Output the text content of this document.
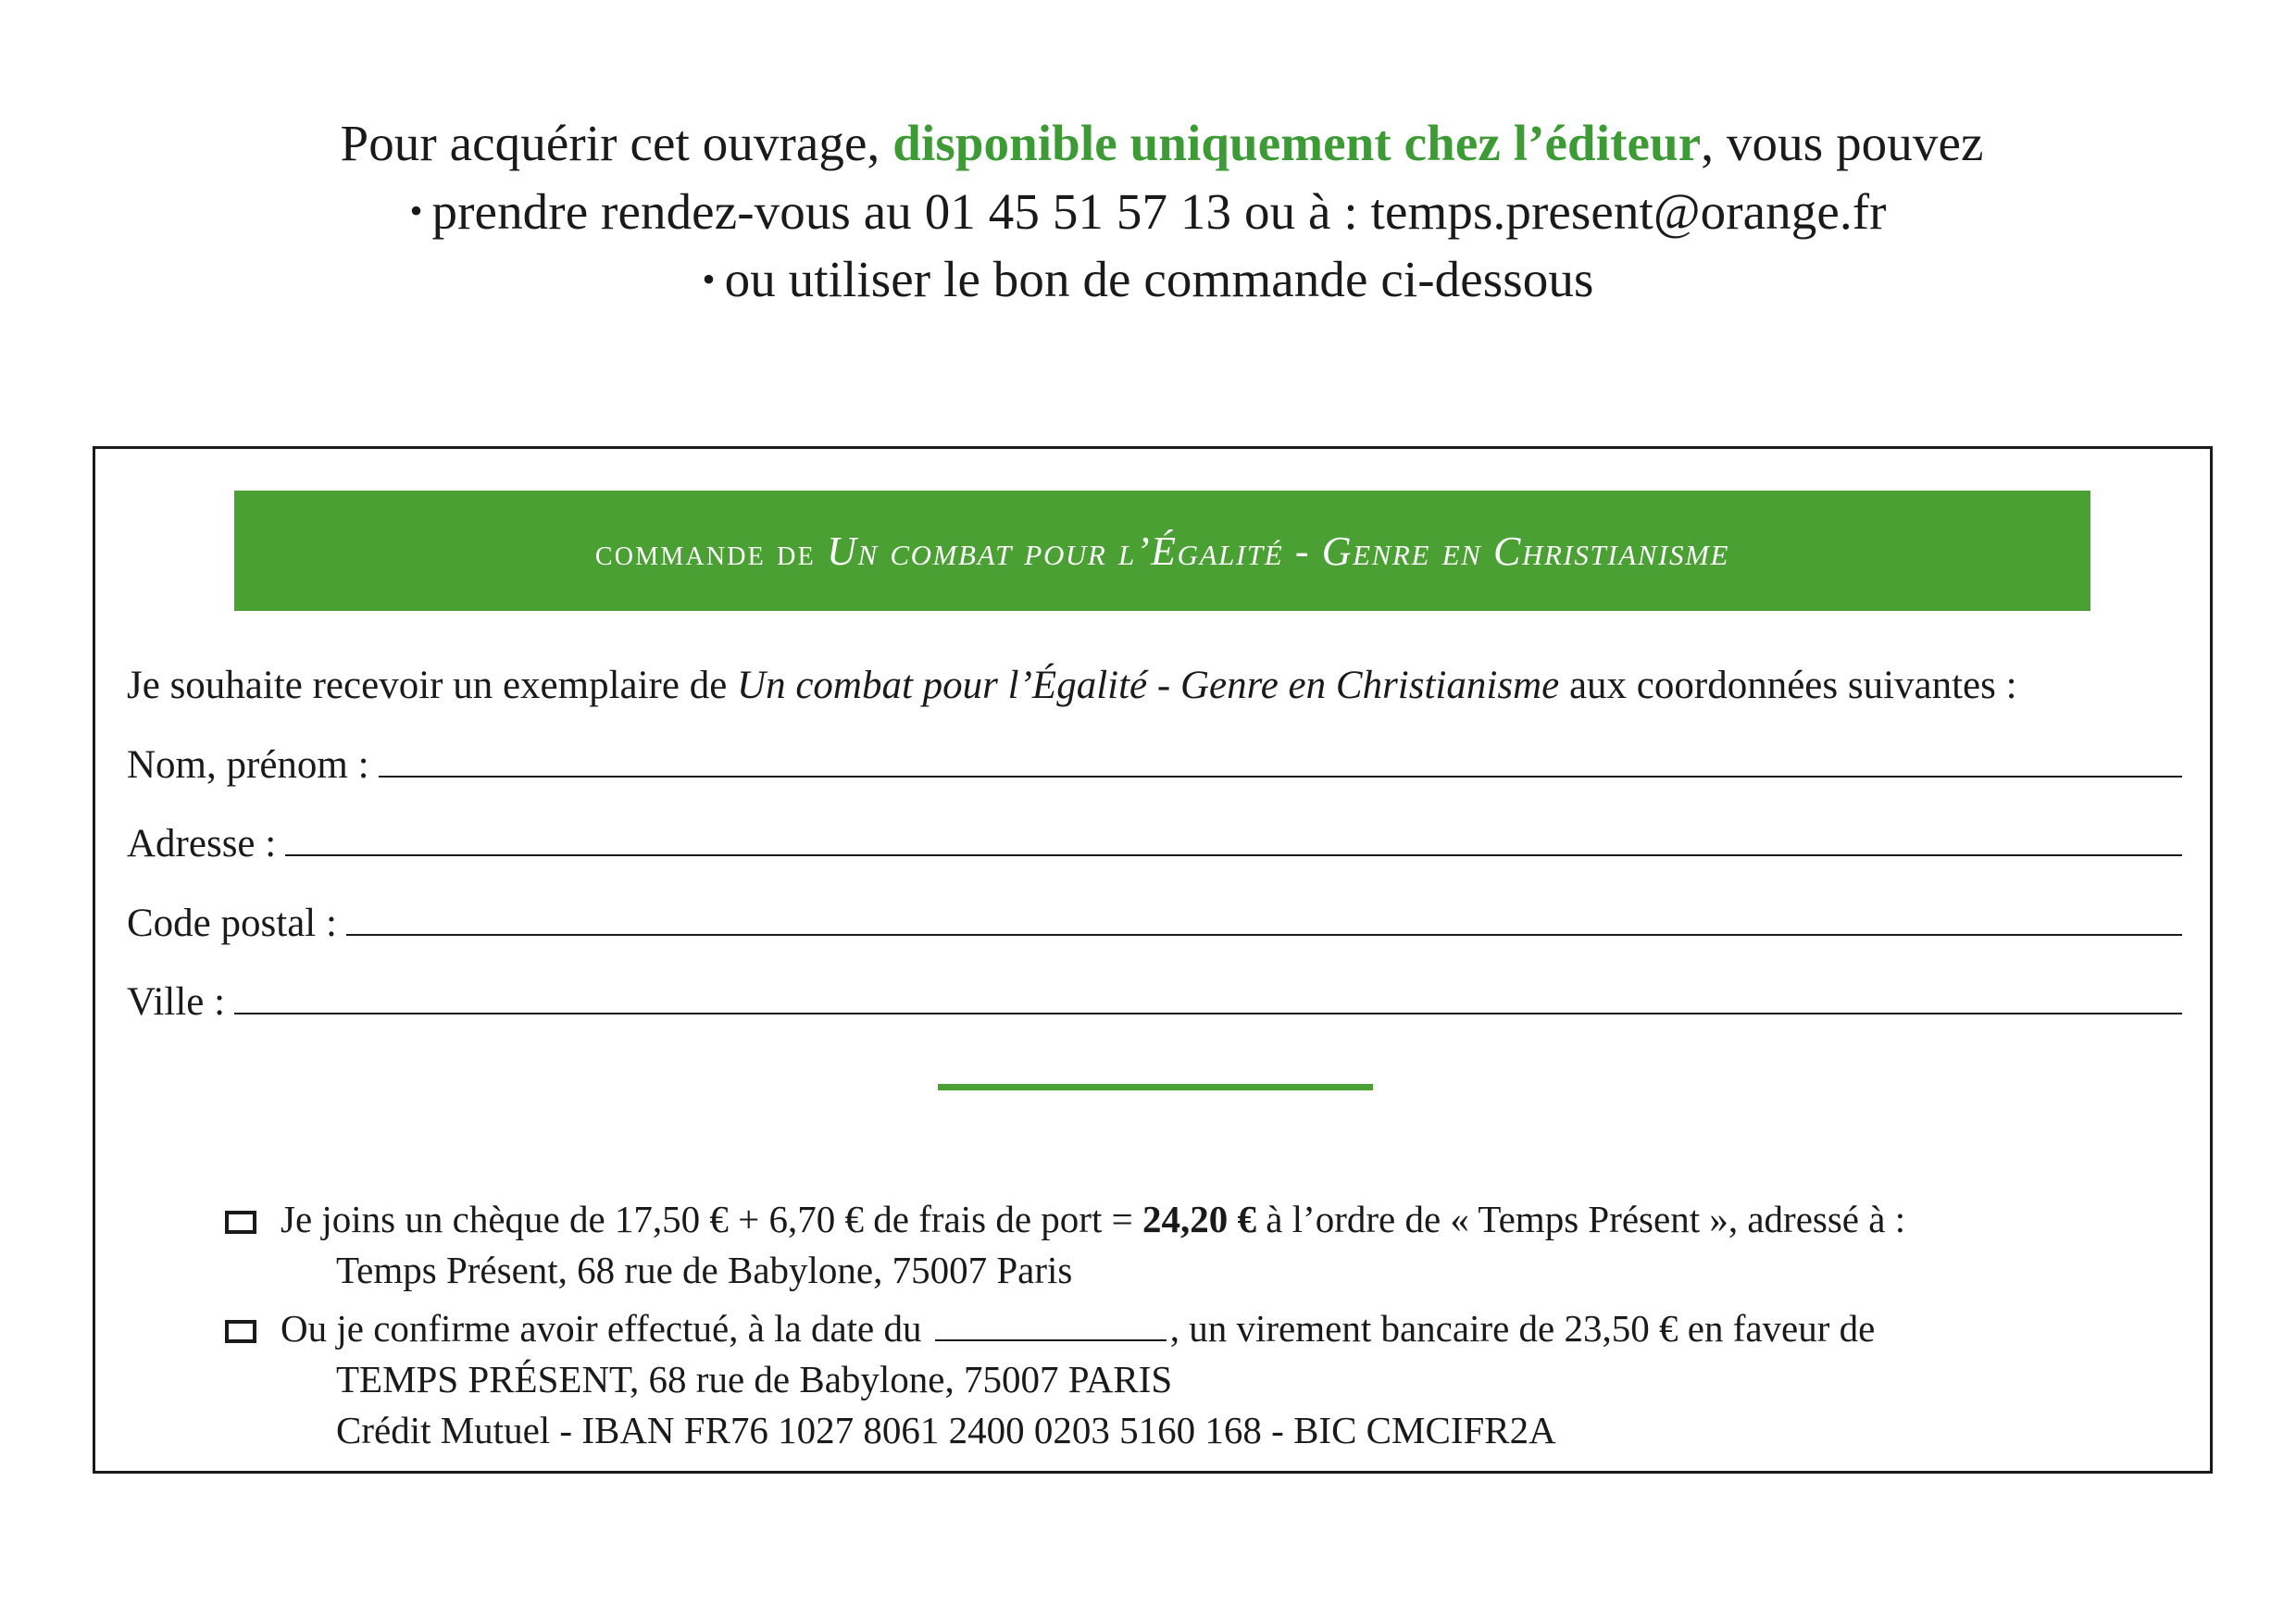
Pour acquérir cet ouvrage, disponible uniquement chez l’éditeur, vous pouvez
• prendre rendez-vous au 01 45 51 57 13 ou à : temps.present@orange.fr
• ou utiliser le bon de commande ci-dessous
commande de Un combat pour l’Égalité - Genre en Christianisme
Je souhaite recevoir un exemplaire de Un combat pour l’Égalité - Genre en Christianisme aux coordonnées suivantes :
Nom, prénom :
Adresse :
Code postal :
Ville :
Je joins un chèque de 17,50 € + 6,70 € de frais de port = 24,20 € à l’ordre de « Temps Présent », adressé à :
Temps Présent, 68 rue de Babylone, 75007 Paris
Ou je confirme avoir effectué, à la date du	, un virement bancaire de 23,50 € en faveur de
TEMPS PRÉSENT, 68 rue de Babylone, 75007 PARIS
Crédit Mutuel - IBAN FR76 1027 8061 2400 0203 5160 168 - BIC CMCIFR2A
